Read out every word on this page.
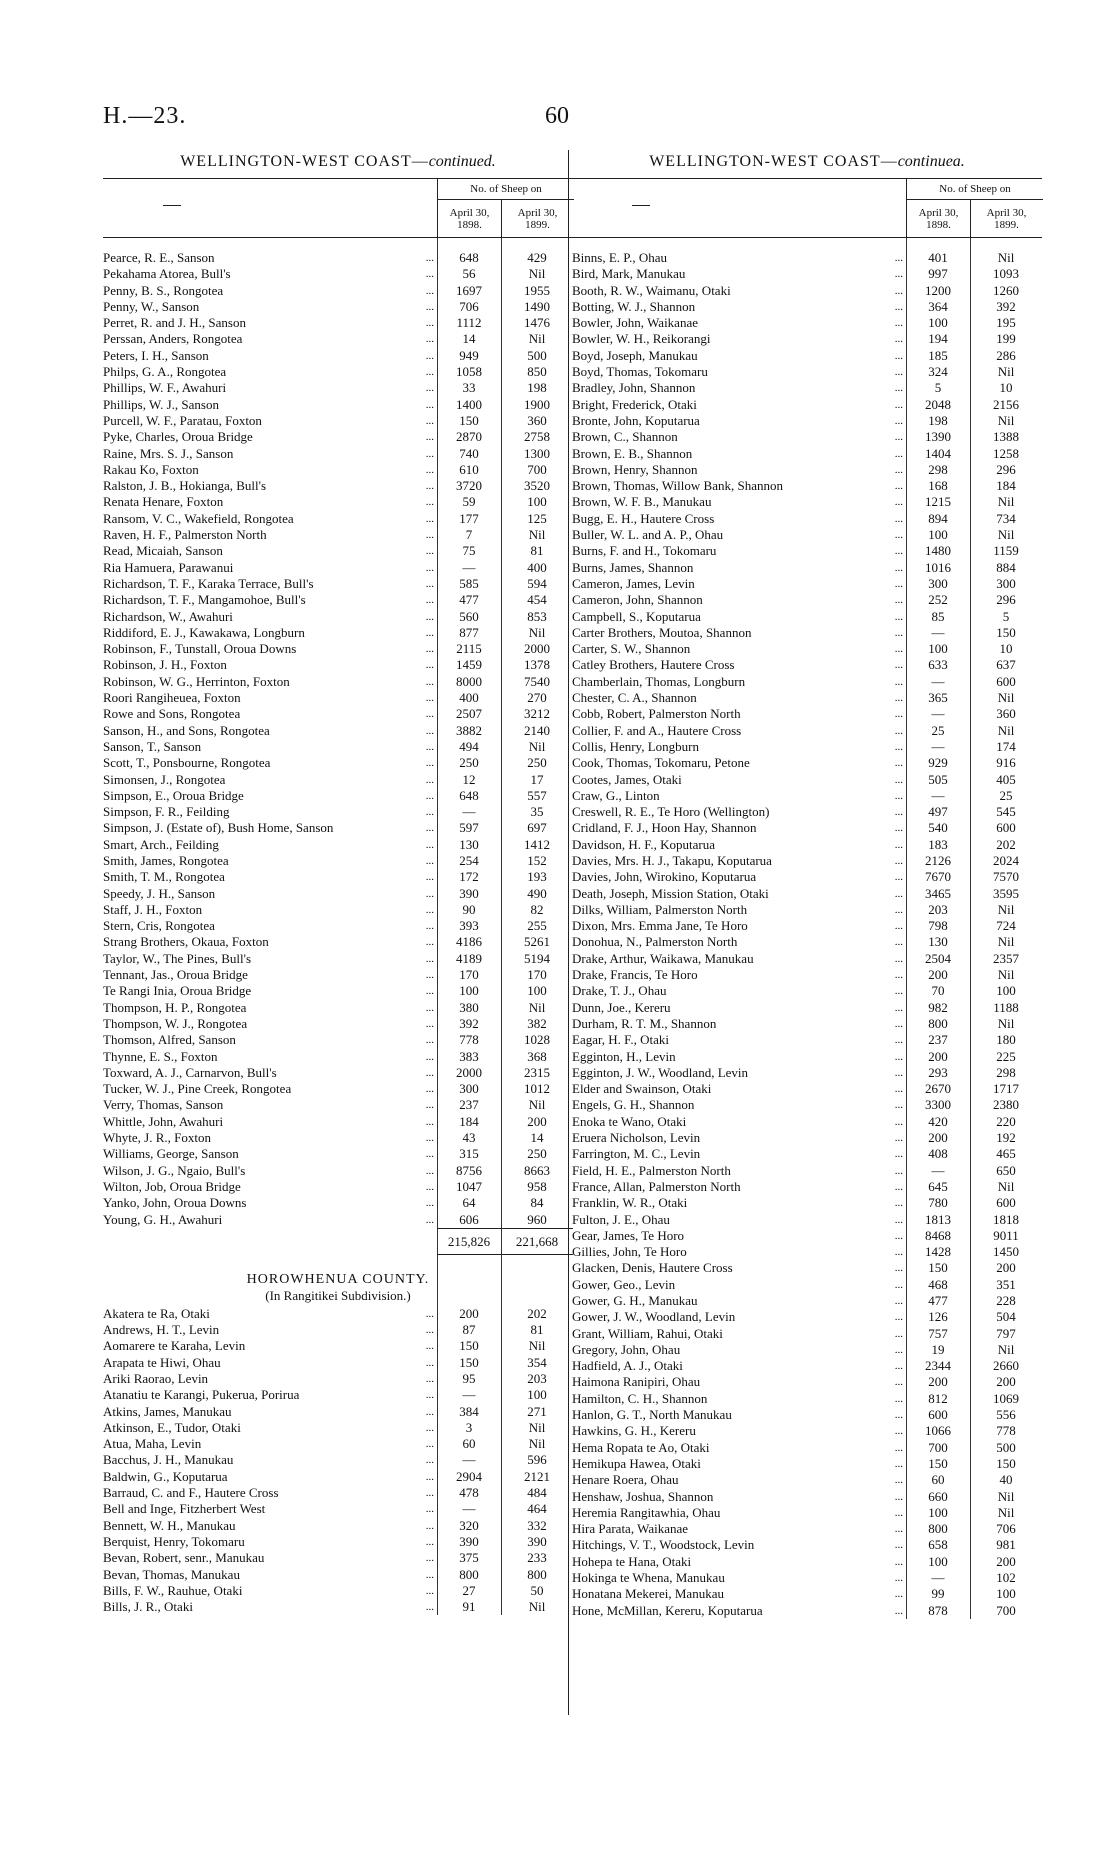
H.—23.	60
WELLINGTON-WEST COAST—continued.
No. of Sheep on
April 30,
1898.
April 30,
1899.
Pearce, R. E., Sanson	...	648	429
Pekahama Atorea, Bull's	...	56	Nil
Penny, B. S., Rongotea	...	1697	1955
Penny, W., Sanson	...	706	1490
Perret, R. and J. H., Sanson	...	1112	1476
Perssan, Anders, Rongotea	...	14	Nil
Peters, I. H., Sanson	...	949	500
Philps, G. A., Rongotea	...	1058	850
Phillips, W. F., Awahuri	...	33	198
Phillips, W. J., Sanson	...	1400	1900
Purcell, W. F., Paratau, Foxton	...	150	360
Pyke, Charles, Oroua Bridge	...	2870	2758
Raine, Mrs. S. J., Sanson	...	740	1300
Rakau Ko, Foxton	...	610	700
Ralston, J. B., Hokianga, Bull's	...	3720	3520
Renata Henare, Foxton	...	59	100
Ransom, V. C., Wakefield, Rongotea	...	177	125
Raven, H. F., Palmerston North	...	7	Nil
Read, Micaiah, Sanson	...	75	81
Ria Hamuera, Parawanui	...	—	400
Richardson, T. F., Karaka Terrace, Bull's	...	585	594
Richardson, T. F., Mangamohoe, Bull's	...	477	454
Richardson, W., Awahuri	...	560	853
Riddiford, E. J., Kawakawa, Longburn	...	877	Nil
Robinson, F., Tunstall, Oroua Downs	...	2115	2000
Robinson, J. H., Foxton	...	1459	1378
Robinson, W. G., Herrinton, Foxton	...	8000	7540
Roori Rangiheuea, Foxton	...	400	270
Rowe and Sons, Rongotea	...	2507	3212
Sanson, H., and Sons, Rongotea	...	3882	2140
Sanson, T., Sanson	...	494	Nil
Scott, T., Ponsbourne, Rongotea	...	250	250
Simonsen, J., Rongotea	...	12	17
Simpson, E., Oroua Bridge	...	648	557
Simpson, F. R., Feilding	...	—	35
Simpson, J. (Estate of), Bush Home, Sanson	...	597	697
Smart, Arch., Feilding	...	130	1412
Smith, James, Rongotea	...	254	152
Smith, T. M., Rongotea	...	172	193
Speedy, J. H., Sanson	...	390	490
Staff, J. H., Foxton	...	90	82
Stern, Cris, Rongotea	...	393	255
Strang Brothers, Okaua, Foxton	...	4186	5261
Taylor, W., The Pines, Bull's	...	4189	5194
Tennant, Jas., Oroua Bridge	...	170	170
Te Rangi Inia, Oroua Bridge	...	100	100
Thompson, H. P., Rongotea	...	380	Nil
Thompson, W. J., Rongotea	...	392	382
Thomson, Alfred, Sanson	...	778	1028
Thynne, E. S., Foxton	...	383	368
Toxward, A. J., Carnarvon, Bull's	...	2000	2315
Tucker, W. J., Pine Creek, Rongotea	...	300	1012
Verry, Thomas, Sanson	...	237	Nil
Whittle, John, Awahuri	...	184	200
Whyte, J. R., Foxton	...	43	14
Williams, George, Sanson	...	315	250
Wilson, J. G., Ngaio, Bull's	...	8756	8663
Wilton, Job, Oroua Bridge	...	1047	958
Yanko, John, Oroua Downs	...	64	84
Young, G. H., Awahuri	...	606	960
215,826	221,668
HOROWHENUA COUNTY.
(In Rangitikei Subdivision.)
Akatera te Ra, Otaki	...	200	202
Andrews, H. T., Levin	...	87	81
Aomarere te Karaha, Levin	...	150	Nil
Arapata te Hiwi, Ohau	...	150	354
Ariki Raorao, Levin	...	95	203
Atanatiu te Karangi, Pukerua, Porirua	...	—	100
Atkins, James, Manukau	...	384	271
Atkinson, E., Tudor, Otaki	...	3	Nil
Atua, Maha, Levin	...	60	Nil
Bacchus, J. H., Manukau	...	—	596
Baldwin, G., Koputarua	...	2904	2121
Barraud, C. and F., Hautere Cross	...	478	484
Bell and Inge, Fitzherbert West	...	—	464
Bennett, W. H., Manukau	...	320	332
Berquist, Henry, Tokomaru	...	390	390
Bevan, Robert, senr., Manukau	...	375	233
Bevan, Thomas, Manukau	...	800	800
Bills, F. W., Rauhue, Otaki	...	27	50
Bills, J. R., Otaki	...	91	Nil
WELLINGTON-WEST COAST—continuea.
No. of Sheep on
April 30,
1898.
April 30,
1899.
Binns, E. P., Ohau	...	401	Nil
Bird, Mark, Manukau	...	997	1093
Booth, R. W., Waimanu, Otaki	...	1200	1260
Botting, W. J., Shannon	...	364	392
Bowler, John, Waikanae	...	100	195
Bowler, W. H., Reikorangi	...	194	199
Boyd, Joseph, Manukau	...	185	286
Boyd, Thomas, Tokomaru	...	324	Nil
Bradley, John, Shannon	...	5	10
Bright, Frederick, Otaki	...	2048	2156
Bronte, John, Koputarua	...	198	Nil
Brown, C., Shannon	...	1390	1388
Brown, E. B., Shannon	...	1404	1258
Brown, Henry, Shannon	...	298	296
Brown, Thomas, Willow Bank, Shannon	...	168	184
Brown, W. F. B., Manukau	...	1215	Nil
Bugg, E. H., Hautere Cross	...	894	734
Buller, W. L. and A. P., Ohau	...	100	Nil
Burns, F. and H., Tokomaru	...	1480	1159
Burns, James, Shannon	...	1016	884
Cameron, James, Levin	...	300	300
Cameron, John, Shannon	...	252	296
Campbell, S., Koputarua	...	85	5
Carter Brothers, Moutoa, Shannon	...	—	150
Carter, S. W., Shannon	...	100	10
Catley Brothers, Hautere Cross	...	633	637
Chamberlain, Thomas, Longburn	...	—	600
Chester, C. A., Shannon	...	365	Nil
Cobb, Robert, Palmerston North	...	—	360
Collier, F. and A., Hautere Cross	...	25	Nil
Collis, Henry, Longburn	...	—	174
Cook, Thomas, Tokomaru, Petone	...	929	916
Cootes, James, Otaki	...	505	405
Craw, G., Linton	...	—	25
Creswell, R. E., Te Horo (Wellington)	...	497	545
Cridland, F. J., Hoon Hay, Shannon	...	540	600
Davidson, H. F., Koputarua	...	183	202
Davies, Mrs. H. J., Takapu, Koputarua	...	2126	2024
Davies, John, Wirokino, Koputarua	...	7670	7570
Death, Joseph, Mission Station, Otaki	...	3465	3595
Dilks, William, Palmerston North	...	203	Nil
Dixon, Mrs. Emma Jane, Te Horo	...	798	724
Donohua, N., Palmerston North	...	130	Nil
Drake, Arthur, Waikawa, Manukau	...	2504	2357
Drake, Francis, Te Horo	...	200	Nil
Drake, T. J., Ohau	...	70	100
Dunn, Joe., Kereru	...	982	1188
Durham, R. T. M., Shannon	...	800	Nil
Eagar, H. F., Otaki	...	237	180
Egginton, H., Levin	...	200	225
Egginton, J. W., Woodland, Levin	...	293	298
Elder and Swainson, Otaki	...	2670	1717
Engels, G. H., Shannon	...	3300	2380
Enoka te Wano, Otaki	...	420	220
Eruera Nicholson, Levin	...	200	192
Farrington, M. C., Levin	...	408	465
Field, H. E., Palmerston North	...	—	650
France, Allan, Palmerston North	...	645	Nil
Franklin, W. R., Otaki	...	780	600
Fulton, J. E., Ohau	...	1813	1818
Gear, James, Te Horo	...	8468	9011
Gillies, John, Te Horo	...	1428	1450
Glacken, Denis, Hautere Cross	...	150	200
Gower, Geo., Levin	...	468	351
Gower, G. H., Manukau	...	477	228
Gower, J. W., Woodland, Levin	...	126	504
Grant, William, Rahui, Otaki	...	757	797
Gregory, John, Ohau	...	19	Nil
Hadfield, A. J., Otaki	...	2344	2660
Haimona Ranipiri, Ohau	...	200	200
Hamilton, C. H., Shannon	...	812	1069
Hanlon, G. T., North Manukau	...	600	556
Hawkins, G. H., Kereru	...	1066	778
Hema Ropata te Ao, Otaki	...	700	500
Hemikupa Hawea, Otaki	...	150	150
Henare Roera, Ohau	...	60	40
Henshaw, Joshua, Shannon	...	660	Nil
Heremia Rangitawhia, Ohau	...	100	Nil
Hira Parata, Waikanae	...	800	706
Hitchings, V. T., Woodstock, Levin	...	658	981
Hohepa te Hana, Otaki	...	100	200
Hokinga te Whena, Manukau	...	—	102
Honatana Mekerei, Manukau	...	99	100
Hone, McMillan, Kereru, Koputarua	...	878	700
